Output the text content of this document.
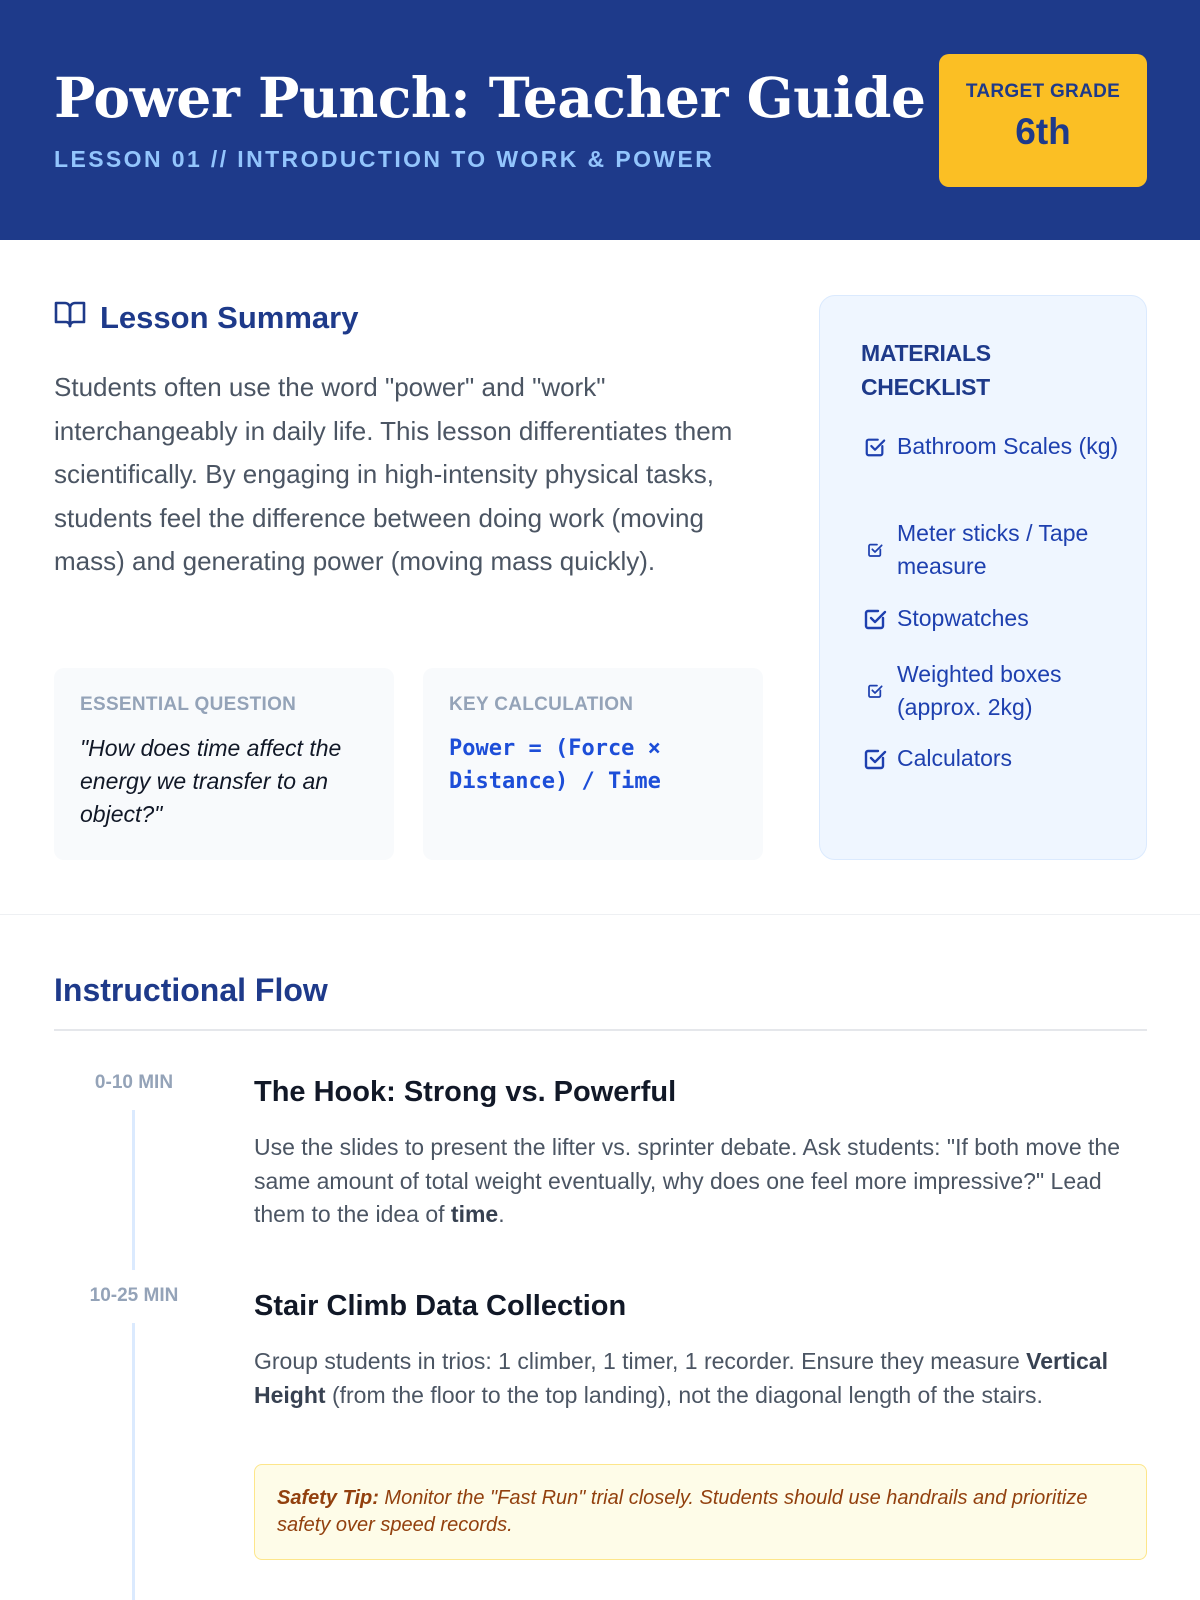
Power Punch: Teacher Guide
LESSON 01 // INTRODUCTION TO WORK & POWER
TARGET GRADE
6th
Lesson Summary

Students often use the word "power" and "work" interchangeably in daily life. This lesson differentiates them scientifically. By engaging in high-intensity physical tasks, students feel the difference between doing work (moving mass) and generating power (moving mass quickly).

ESSENTIAL QUESTION
"How does time affect the energy we transfer to an object?"
KEY CALCULATION
Power = (Force × Distance) / Time
MATERIALS CHECKLIST
Bathroom Scales (kg)
Meter sticks / Tape measure
Stopwatches
Weighted boxes (approx. 2kg)
Calculators
Instructional Flow
0-10 MIN	The Hook: Strong vs. Powerful

Use the slides to present the lifter vs. sprinter debate. Ask students: "If both move the same amount of total weight eventually, why does one feel more impressive?" Lead them to the idea of time.

10-25 MIN	Stair Climb Data Collection

Group students in trios: 1 climber, 1 timer, 1 recorder. Ensure they measure Vertical Height (from the floor to the top landing), not the diagonal length of the stairs.

Safety Tip: Monitor the "Fast Run" trial closely. Students should use handrails and prioritize safety over speed records.
